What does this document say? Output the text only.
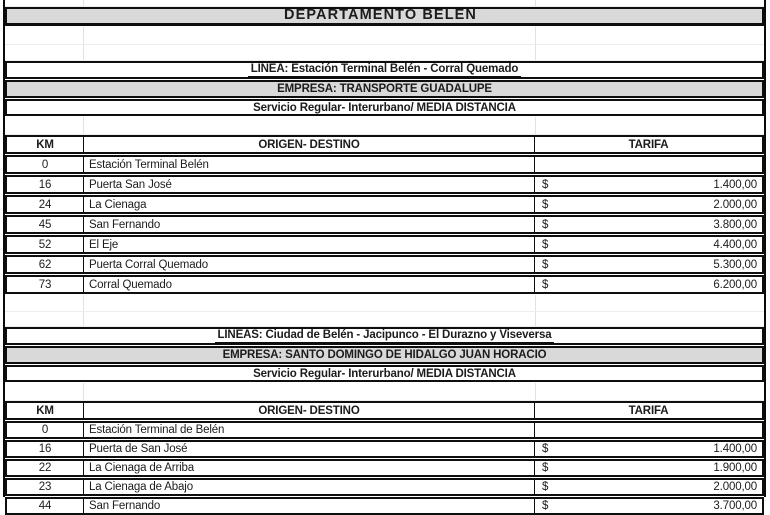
DEPARTAMENTO BELEN
LINEA: Estación Terminal Belén - Corral Quemado
EMPRESA: TRANSPORTE GUADALUPE
Servicio Regular- Interurbano/ MEDIA DISTANCIA
KM	ORIGEN- DESTINO	TARIFA
0	Estación Terminal Belén
16	Puerta San José	$	1.400,00
24	La Cienaga	$	2.000,00
45	San Fernando	$	3.800,00
52	El Eje	$	4.400,00
62	Puerta Corral Quemado	$	5.300,00
73	Corral Quemado	$	6.200,00
LINEAS: Ciudad de Belén - Jacipunco - El Durazno y Viseversa
EMPRESA: SANTO DOMINGO DE HIDALGO JUAN HORACIO
Servicio Regular- Interurbano/ MEDIA DISTANCIA
KM	ORIGEN- DESTINO	TARIFA
0	Estación Terminal de Belén
16	Puerta de San José	$	1.400,00
22	La Cienaga de Arriba	$	1.900,00
23	La Cienaga de Abajo	$	2.000,00
44	San Fernando	$	3.700,00
